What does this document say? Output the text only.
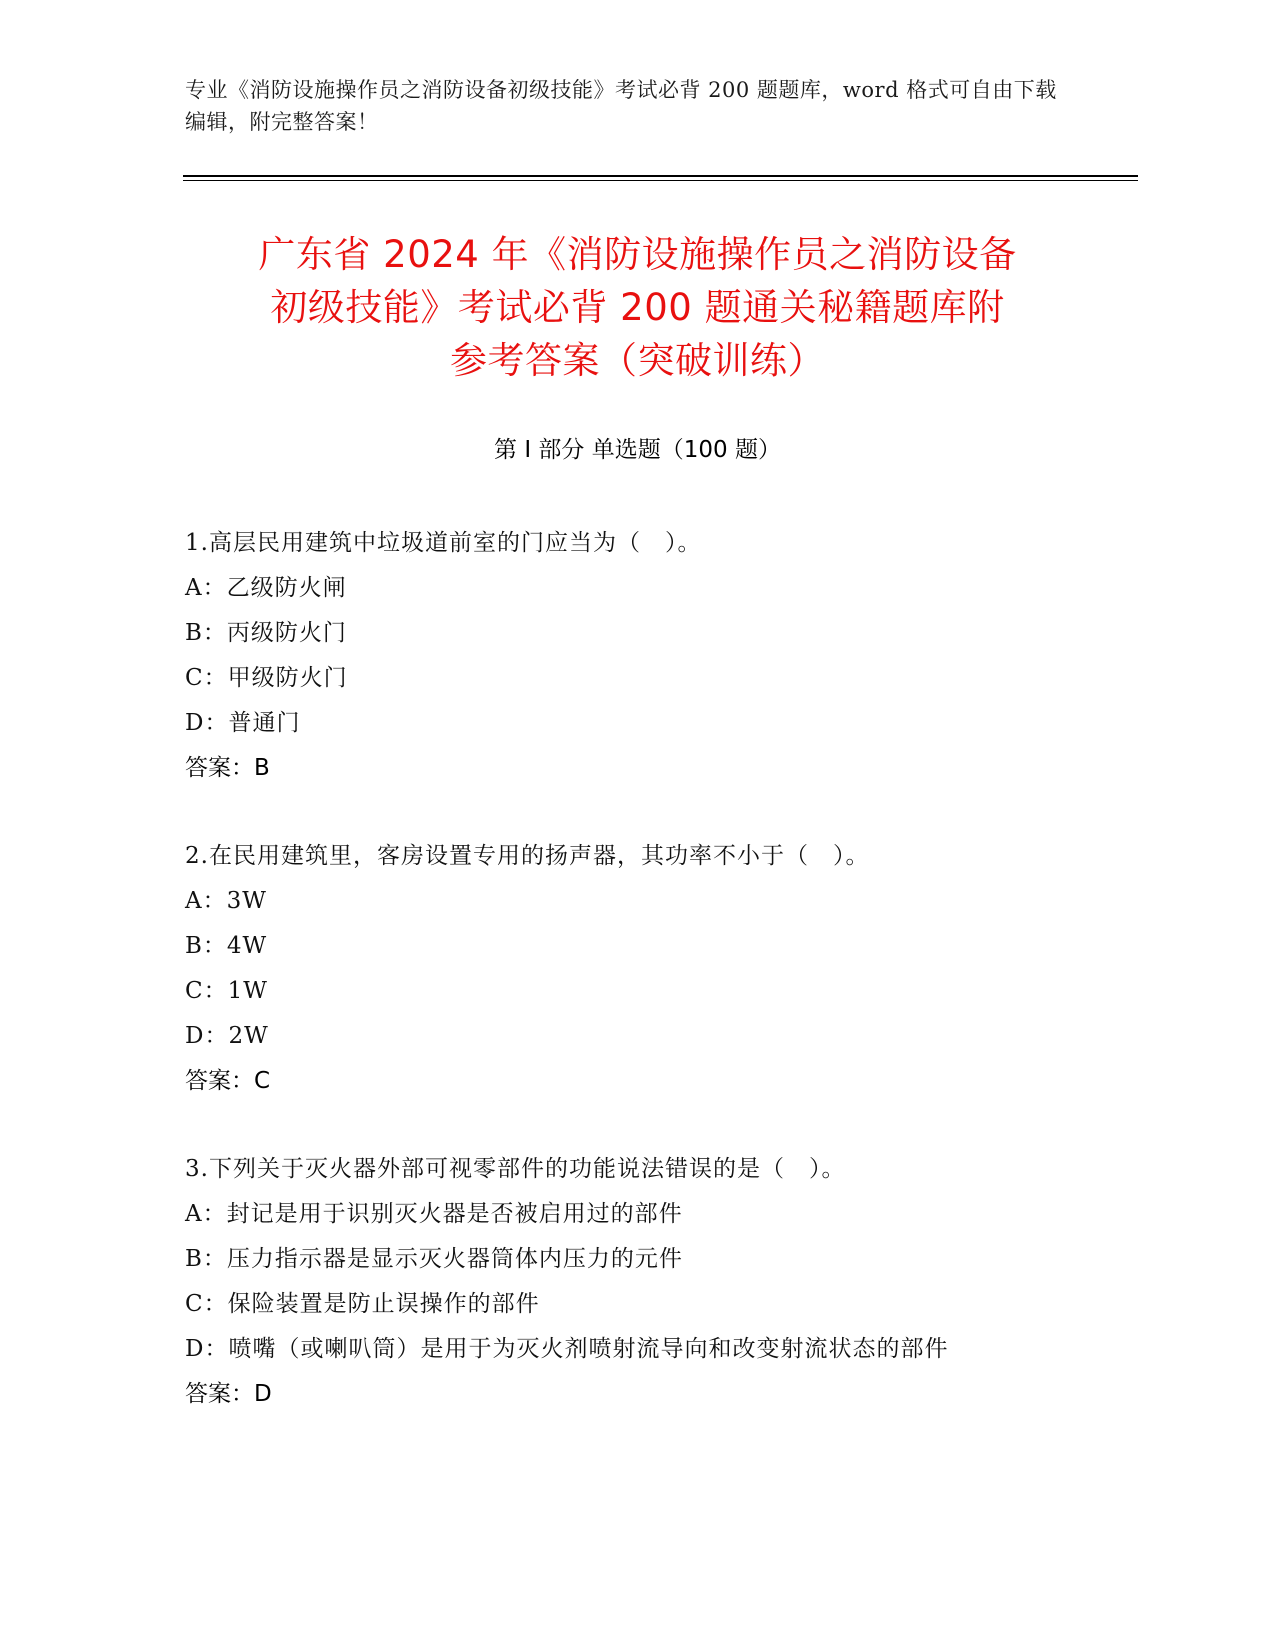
专业《消防设施操作员之消防设备初级技能》考试必背 200 题题库，word 格式可自由下载编辑，附完整答案！
广东省 2024 年《消防设施操作员之消防设备
初级技能》考试必背 200 题通关秘籍题库附
参考答案（突破训练）
第 I 部分 单选题（100 题）
1.高层民用建筑中垃圾道前室的门应当为（　）。
A：乙级防火闸
B：丙级防火门
C：甲级防火门
D：普通门
答案：B
2.在民用建筑里，客房设置专用的扬声器，其功率不小于（　）。
A：3W
B：4W
C：1W
D：2W
答案：C
3.下列关于灭火器外部可视零部件的功能说法错误的是（　）。
A：封记是用于识别灭火器是否被启用过的部件
B：压力指示器是显示灭火器筒体内压力的元件
C：保险装置是防止误操作的部件
D：喷嘴（或喇叭筒）是用于为灭火剂喷射流导向和改变射流状态的部件
答案：D
